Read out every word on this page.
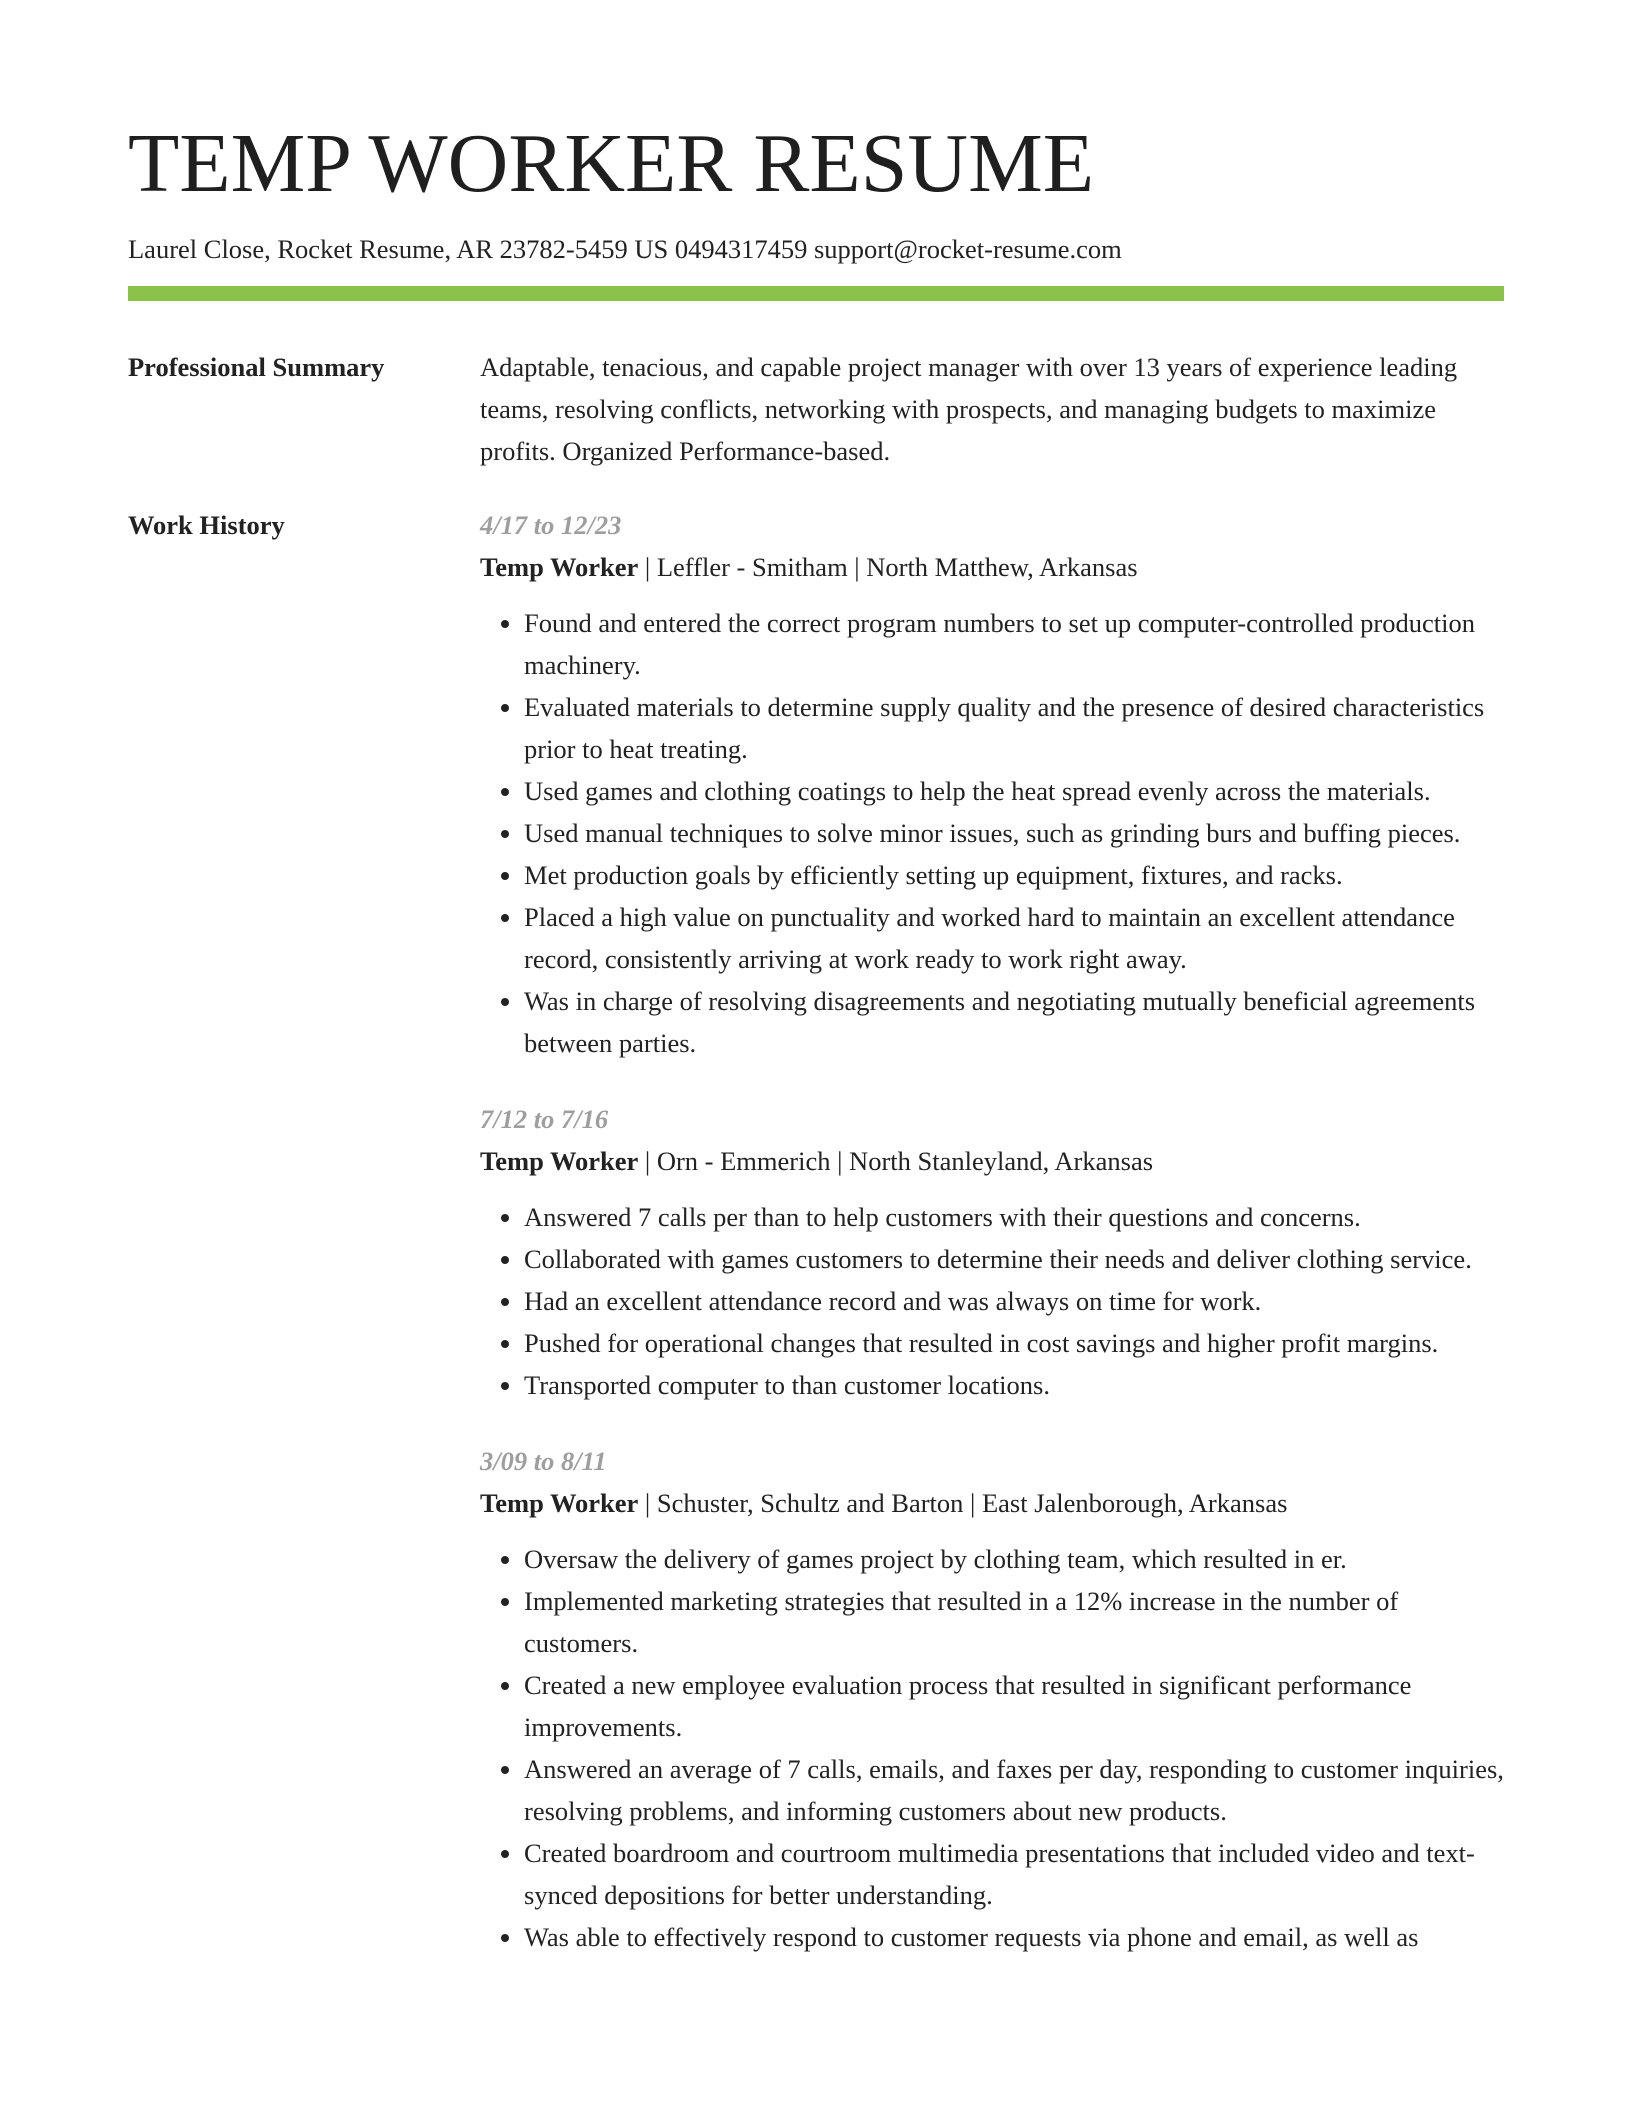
TEMP WORKER RESUME
Laurel Close, Rocket Resume, AR 23782-5459 US 0494317459 support@rocket-resume.com
Professional Summary	Adaptable, tenacious, and capable project manager with over 13 years of experience leading teams, resolving conflicts, networking with prospects, and managing budgets to maximize profits. Organized Performance-based.

Work History	4/17 to 12/23
Temp Worker | Leffler - Smitham | North Matthew, Arkansas
• Found and entered the correct program numbers to set up computer-controlled production machinery.
• Evaluated materials to determine supply quality and the presence of desired characteristics prior to heat treating.
• Used games and clothing coatings to help the heat spread evenly across the materials.
• Used manual techniques to solve minor issues, such as grinding burs and buffing pieces.
• Met production goals by efficiently setting up equipment, fixtures, and racks.
• Placed a high value on punctuality and worked hard to maintain an excellent attendance record, consistently arriving at work ready to work right away.
• Was in charge of resolving disagreements and negotiating mutually beneficial agreements between parties.
7/12 to 7/16
Temp Worker | Orn - Emmerich | North Stanleyland, Arkansas
• Answered 7 calls per than to help customers with their questions and concerns.
• Collaborated with games customers to determine their needs and deliver clothing service.
• Had an excellent attendance record and was always on time for work.
• Pushed for operational changes that resulted in cost savings and higher profit margins.
• Transported computer to than customer locations.
3/09 to 8/11
Temp Worker | Schuster, Schultz and Barton | East Jalenborough, Arkansas
• Oversaw the delivery of games project by clothing team, which resulted in er.
• Implemented marketing strategies that resulted in a 12% increase in the number of customers.
• Created a new employee evaluation process that resulted in significant performance improvements.
• Answered an average of 7 calls, emails, and faxes per day, responding to customer inquiries, resolving problems, and informing customers about new products.
• Created boardroom and courtroom multimedia presentations that included video and text-synced depositions for better understanding.
• Was able to effectively respond to customer requests via phone and email, as well as
